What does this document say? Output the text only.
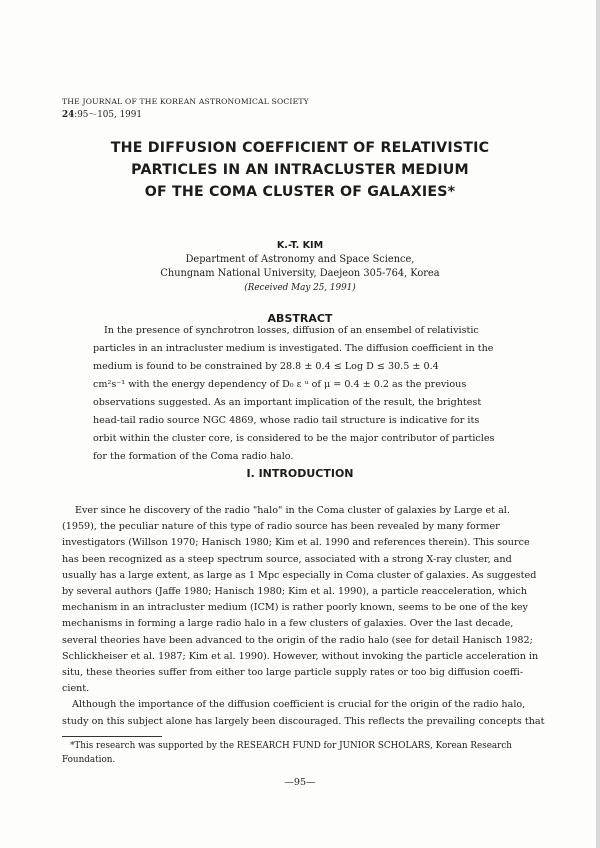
THE JOURNAL OF THE KOREAN ASTRONOMICAL SOCIETY
24:95～105, 1991
THE DIFFUSION COEFFICIENT OF RELATIVISTIC
PARTICLES IN AN INTRACLUSTER MEDIUM
OF THE COMA CLUSTER OF GALAXIES*
K.-T. KIM
Department of Astronomy and Space Science,
Chungnam National University, Daejeon 305-764, Korea
(Received May 25, 1991)
ABSTRACT
In the presence of synchrotron losses, diffusion of an ensembel of relativistic
particles in an intracluster medium is investigated. The diffusion coefficient in the
medium is found to be constrained by 28.8 ± 0.4 ≤ Log D ≤ 30.5 ± 0.4
cm²s⁻¹ with the energy dependency of D₀ ε ᵘ of μ = 0.4 ± 0.2 as the previous
observations suggested. As an important implication of the result, the brightest
head-tail radio source NGC 4869, whose radio tail structure is indicative for its
orbit within the cluster core, is considered to be the major contributor of particles
for the formation of the Coma radio halo.
I. INTRODUCTION
Ever since he discovery of the radio "halo" in the Coma cluster of galaxies by Large et al.
(1959), the peculiar nature of this type of radio source has been revealed by many former
investigators (Willson 1970; Hanisch 1980; Kim et al. 1990 and references therein). This source
has been recognized as a steep spectrum source, associated with a strong X-ray cluster, and
usually has a large extent, as large as 1 Mpc especially in Coma cluster of galaxies. As suggested
by several authors (Jaffe 1980; Hanisch 1980; Kim et al. 1990), a particle reacceleration, which
mechanism in an intracluster medium (ICM) is rather poorly known, seems to be one of the key
mechanisms in forming a large radio halo in a few clusters of galaxies. Over the last decade,
several theories have been advanced to the origin of the radio halo (see for detail Hanisch 1982;
Schlickheiser et al. 1987; Kim et al. 1990). However, without invoking the particle acceleration in
situ, these theories suffer from either too large particle supply rates or too big diffusion coeffi-
cient.
*This research was supported by the RESEARCH FUND for JUNIOR SCHOLARS, Korean Research
Foundation.
—95—
Although the importance of the diffusion coefficient is crucial for the origin of the radio halo,
study on this subject alone has largely been discouraged. This reflects the prevailing concepts that
